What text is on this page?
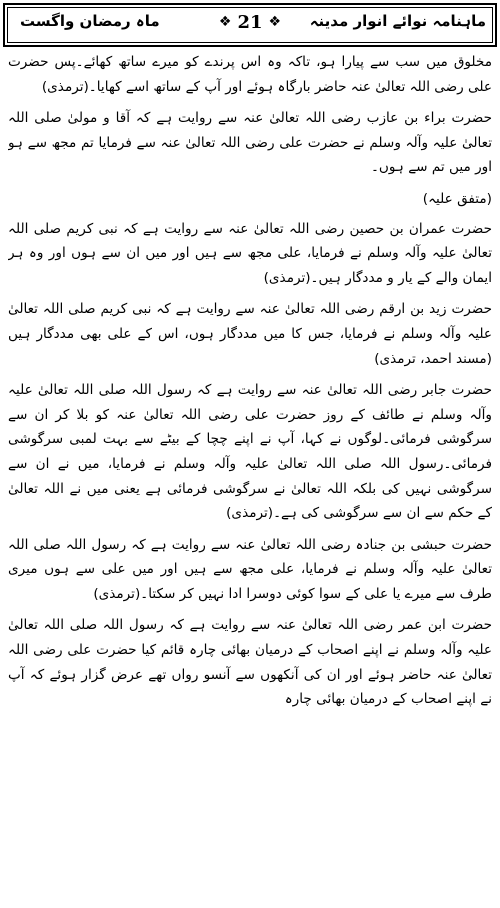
ماہنامہ نوائے انوار مدینہ
❖ 21 ❖
ماہ رمضان واگست

مخلوق میں سب سے پیارا ہو، تاکہ وہ اس پرندے کو میرے ساتھ کھائے۔پس حضرت علی رضی اللہ تعالیٰ عنہ حاضر بارگاہ ہوئے اور آپ کے ساتھ اسے کھایا۔(ترمذی)

حضرت براء بن عازب رضی اللہ تعالیٰ عنہ سے روایت ہے کہ آقا و مولیٰ صلی اللہ تعالیٰ علیہ وآلہ وسلم نے حضرت علی رضی اللہ تعالیٰ عنہ سے فرمایا تم مجھ سے ہو اور میں تم سے ہوں۔

(متفق علیہ)

حضرت عمران بن حصین رضی اللہ تعالیٰ عنہ سے روایت ہے کہ نبی کریم صلی اللہ تعالیٰ علیہ وآلہ وسلم نے فرمایا، علی مجھ سے ہیں اور میں ان سے ہوں اور وہ ہر ایمان والے کے یار و مددگار ہیں۔(ترمذی)

حضرت زید بن ارقم رضی اللہ تعالیٰ عنہ سے روایت ہے کہ نبی کریم صلی اللہ تعالیٰ علیہ وآلہ وسلم نے فرمایا، جس کا میں مددگار ہوں، اس کے علی بھی مددگار ہیں (مسند احمد، ترمذی)

حضرت جابر رضی اللہ تعالیٰ عنہ سے روایت ہے کہ رسول اللہ صلی اللہ تعالیٰ علیہ وآلہ وسلم نے طائف کے روز حضرت علی رضی اللہ تعالیٰ عنہ کو بلا کر ان سے سرگوشی فرمائی۔لوگوں نے کہا، آپ نے اپنے چچا کے بیٹے سے بہت لمبی سرگوشی فرمائی۔رسول اللہ صلی اللہ تعالیٰ علیہ وآلہ وسلم نے فرمایا، میں نے ان سے سرگوشی نہیں کی بلکہ اللہ تعالیٰ نے سرگوشی فرمائی ہے یعنی میں نے اللہ تعالیٰ کے حکم سے ان سے سرگوشی کی ہے۔(ترمذی)

حضرت حبشی بن جنادہ رضی اللہ تعالیٰ عنہ سے روایت ہے کہ رسول اللہ صلی اللہ تعالیٰ علیہ وآلہ وسلم نے فرمایا، علی مجھ سے ہیں اور میں علی سے ہوں میری طرف سے میرے یا علی کے سوا کوئی دوسرا ادا نہیں کر سکتا۔(ترمذی)

حضرت ابن عمر رضی اللہ تعالیٰ عنہ سے روایت ہے کہ رسول اللہ صلی اللہ تعالیٰ علیہ وآلہ وسلم نے اپنے اصحاب کے درمیان بھائی چارہ قائم کیا حضرت علی رضی اللہ تعالیٰ عنہ حاضر ہوئے اور ان کی آنکھوں سے آنسو رواں تھے عرض گزار ہوئے کہ آپ نے اپنے اصحاب کے درمیان بھائی چارہ
